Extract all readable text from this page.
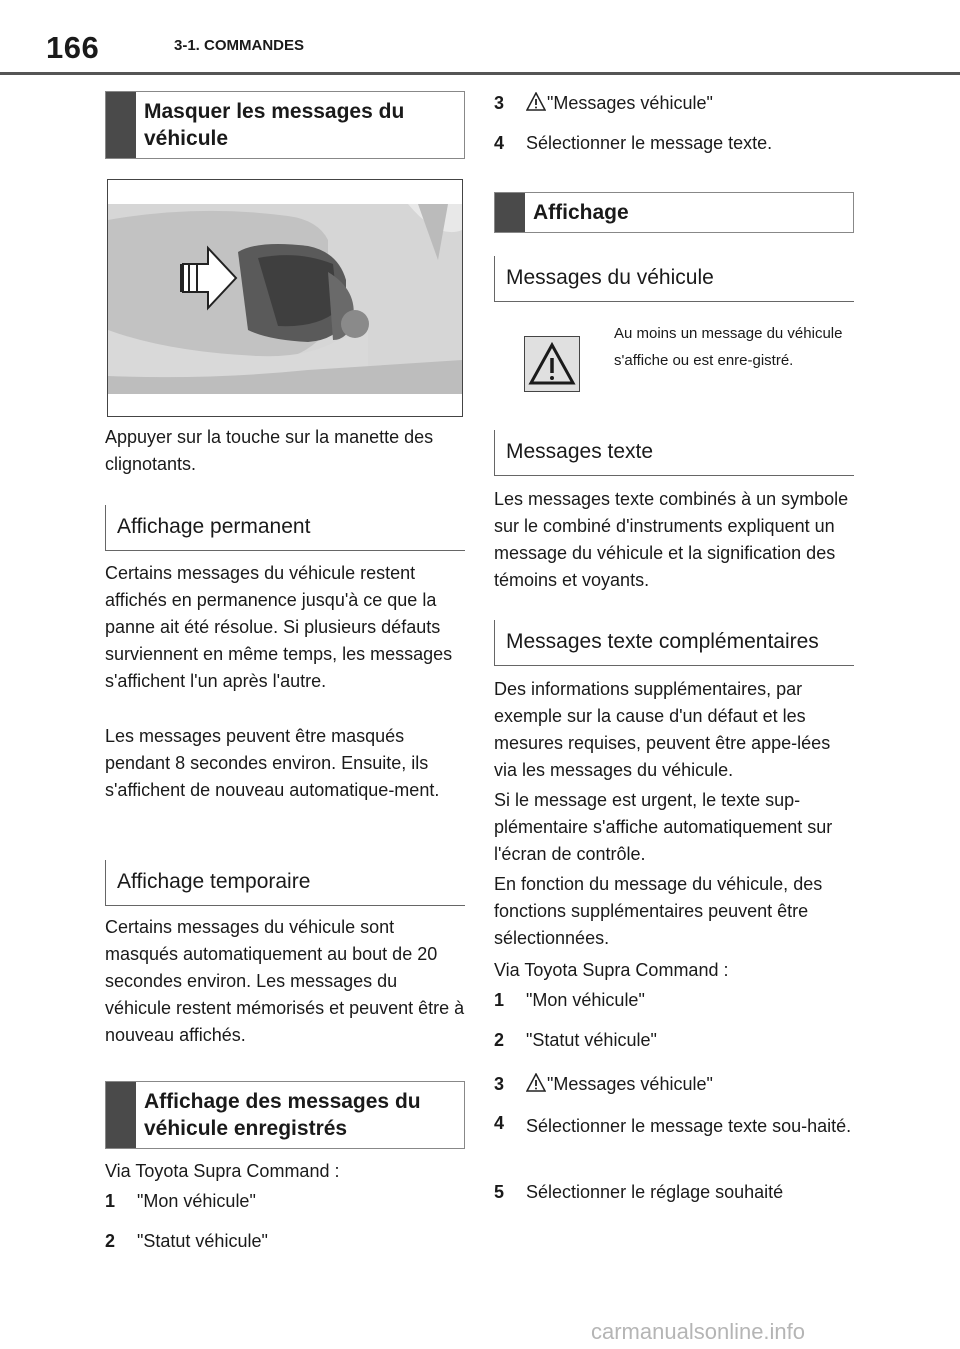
166	3-1. COMMANDES
Masquer les messages du véhicule

Appuyer sur la touche sur la manette des clignotants.

Affichage permanent

Certains messages du véhicule restent affichés en permanence jusqu'à ce que la panne ait été résolue. Si plusieurs défauts surviennent en même temps, les messages s'affichent l'un après l'autre.

Les messages peuvent être masqués pendant 8 secondes environ. Ensuite, ils s'affichent de nouveau automatique-ment.

Affichage temporaire

Certains messages du véhicule sont masqués automatiquement au bout de 20 secondes environ. Les messages du véhicule restent mémorisés et peuvent être à nouveau affichés.

Affichage des messages du véhicule enregistrés

Via Toyota Supra Command :

1 "Mon véhicule"
2 "Statut véhicule"
3	"Messages véhicule"
4 Sélectionner le message texte.
Affichage
Messages du véhicule
Au moins un message du véhicule s'affiche ou est enre-gistré.
Messages texte

Les messages texte combinés à un symbole sur le combiné d'instruments expliquent un message du véhicule et la signification des témoins et voyants.

Messages texte complémentaires

Des informations supplémentaires, par exemple sur la cause d'un défaut et les mesures requises, peuvent être appe-lées via les messages du véhicule.

Si le message est urgent, le texte sup-plémentaire s'affiche automatiquement sur l'écran de contrôle.

En fonction du message du véhicule, des fonctions supplémentaires peuvent être sélectionnées.

Via Toyota Supra Command :

1 "Mon véhicule"
2 "Statut véhicule"
3	"Messages véhicule"
4 Sélectionner le message texte sou-haité.
5 Sélectionner le réglage souhaité
carmanualsonline.info
